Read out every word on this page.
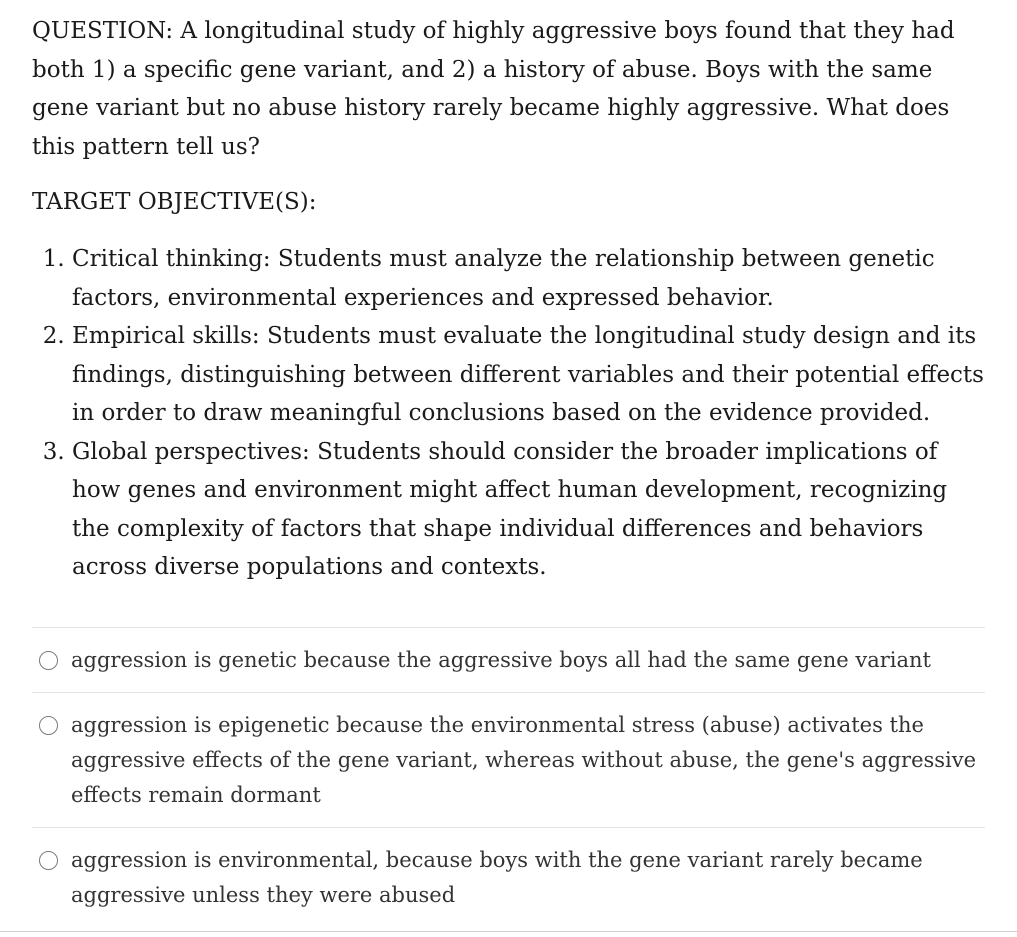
QUESTION: A longitudinal study of highly aggressive boys found that they had both 1) a specific gene variant, and 2) a history of abuse. Boys with the same gene variant but no abuse history rarely became highly aggressive. What does this pattern tell us?

TARGET OBJECTIVE(S):

1. Critical thinking: Students must analyze the relationship between genetic factors, environmental experiences and expressed behavior.
2. Empirical skills: Students must evaluate the longitudinal study design and its findings, distinguishing between different variables and their potential effects in order to draw meaningful conclusions based on the evidence provided.
3. Global perspectives: Students should consider the broader implications of how genes and environment might affect human development, recognizing the complexity of factors that shape individual differences and behaviors across diverse populations and contexts.
aggression is genetic because the aggressive boys all had the same gene variant
aggression is epigenetic because the environmental stress (abuse) activates the aggressive effects of the gene variant, whereas without abuse, the gene's aggressive effects remain dormant
aggression is environmental, because boys with the gene variant rarely became aggressive unless they were abused
